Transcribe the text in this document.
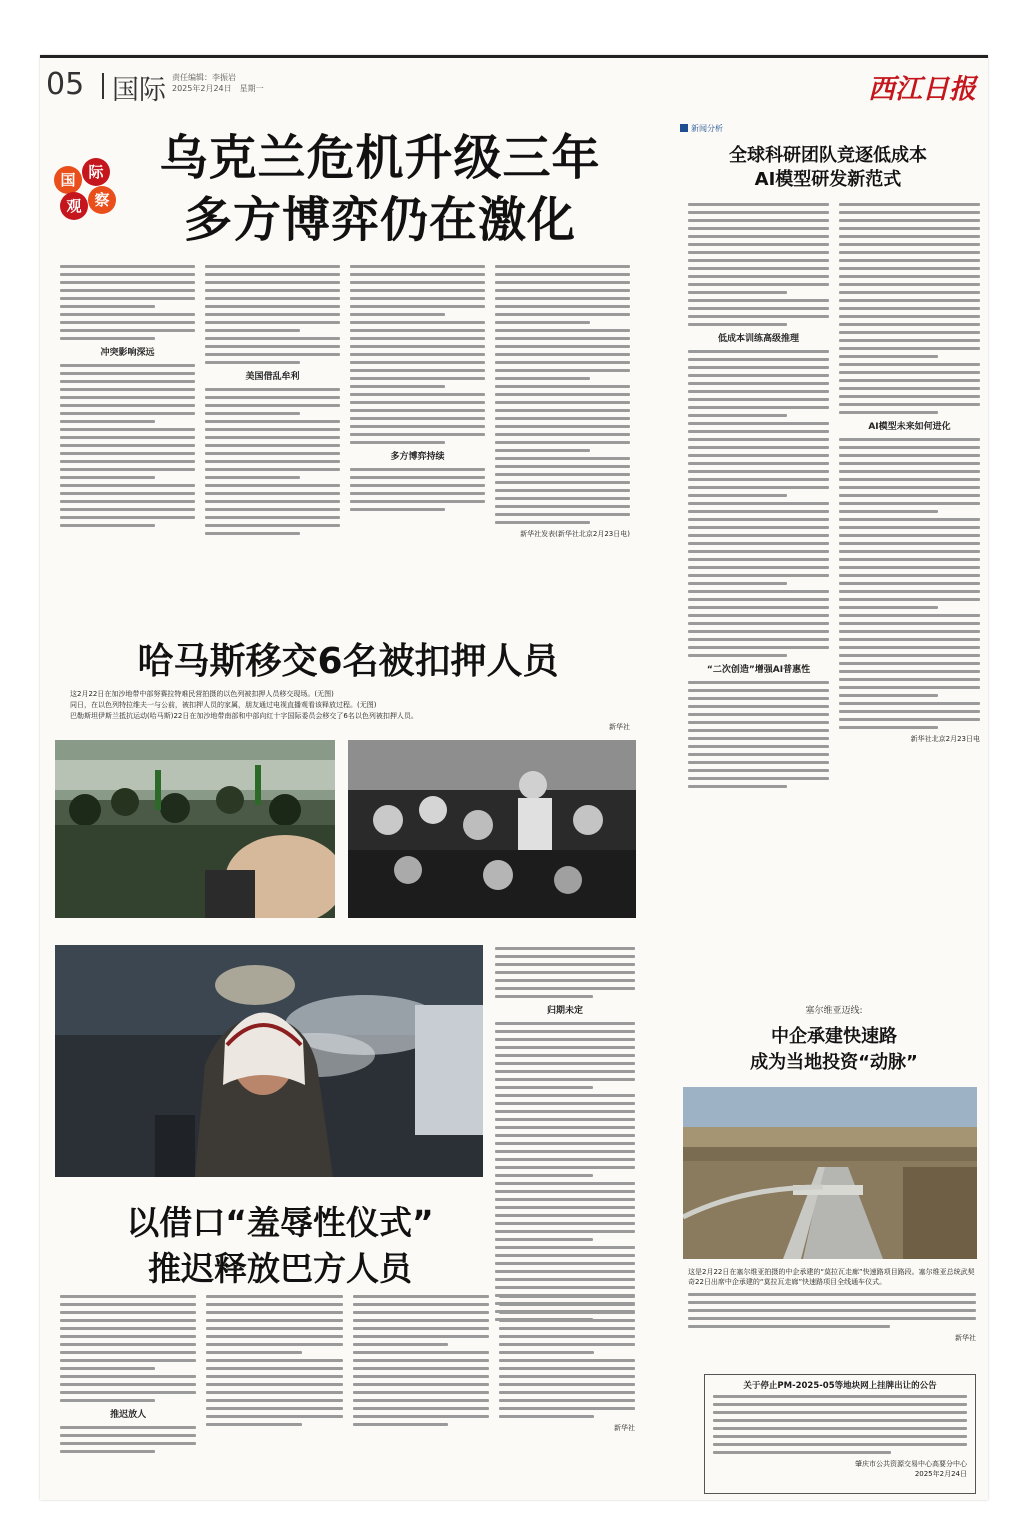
05 国际 责任编辑：李振岩
2025年2月24日　星期一	西江日报
国 际
观 察
乌克兰危机升级三年
多方博弈仍在激化
冲突影响深远
美国借乱牟利
多方博弈持续
新华社发表(新华社北京2月23日电)
哈马斯移交6名被扣押人员
这2月22日在加沙地带中部努赛拉特难民营拍摄的以色列被扣押人员移交现场。(无图)
同日，在以色列特拉维夫一与公前，被扣押人员的家属，朋友通过电视直播观看该释放过程。(无图)
巴勒斯坦伊斯兰抵抗运动(哈马斯)22日在加沙地带南部和中部向红十字国际委员会移交了6名以色列被扣押人员。
新华社
以借口“羞辱性仪式”
推迟释放巴方人员
归期未定
推迟放人
新华社
新闻分析
全球科研团队竞逐低成本
AI模型研发新范式
低成本训练高级推理
“二次创造”增强AI普惠性
AI模型未来如何进化
新华社北京2月23日电
塞尔维亚迈线:
中企承建快速路
成为当地投资“动脉”
这是2月22日在塞尔维亚拍摄的中企承建的“莫拉瓦走廊”快速路项目路段。塞尔维亚总统武契奇22日出席中企承建的“莫拉瓦走廊”快速路项目全线通车仪式。
新华社
关于停止PM-2025-05等地块网上挂牌出让的公告
肇庆市公共资源交易中心高要分中心
2025年2月24日
